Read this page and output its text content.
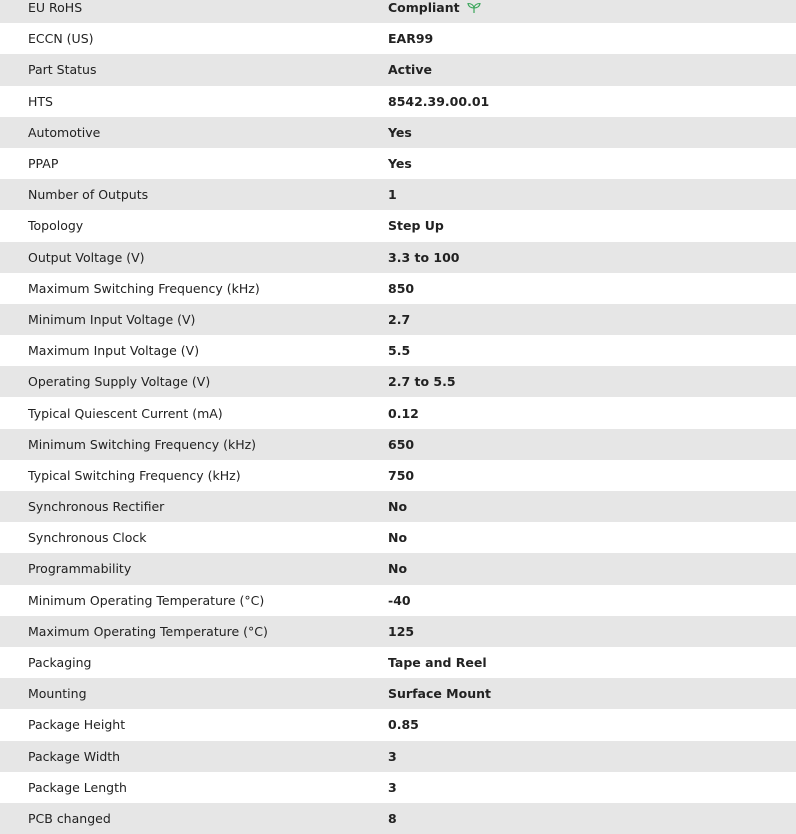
EU RoHS	Compliant
ECCN (US)	EAR99
Part Status	Active
HTS	8542.39.00.01
Automotive	Yes
PPAP	Yes
Number of Outputs	1
Topology	Step Up
Output Voltage (V)	3.3 to 100
Maximum Switching Frequency (kHz)	850
Minimum Input Voltage (V)	2.7
Maximum Input Voltage (V)	5.5
Operating Supply Voltage (V)	2.7 to 5.5
Typical Quiescent Current (mA)	0.12
Minimum Switching Frequency (kHz)	650
Typical Switching Frequency (kHz)	750
Synchronous Rectifier	No
Synchronous Clock	No
Programmability	No
Minimum Operating Temperature (°C)	-40
Maximum Operating Temperature (°C)	125
Packaging	Tape and Reel
Mounting	Surface Mount
Package Height	0.85
Package Width	3
Package Length	3
PCB changed	8
